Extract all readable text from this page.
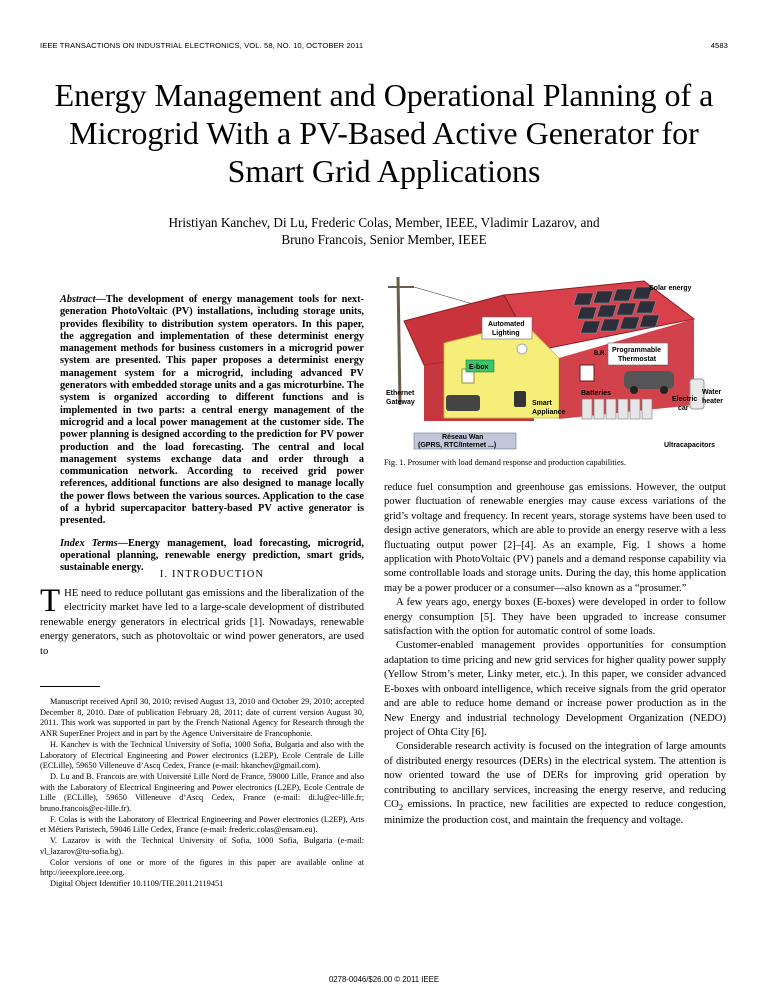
IEEE TRANSACTIONS ON INDUSTRIAL ELECTRONICS, VOL. 58, NO. 10, OCTOBER 2011	4583
Energy Management and Operational Planning of a Microgrid With a PV-Based Active Generator for Smart Grid Applications
Hristiyan Kanchev, Di Lu, Frederic Colas, Member, IEEE, Vladimir Lazarov, and
Bruno Francois, Senior Member, IEEE
Abstract—The development of energy management tools for next-generation PhotoVoltaic (PV) installations, including storage units, provides flexibility to distribution system operators. In this paper, the aggregation and implementation of these determinist energy management methods for business customers in a microgrid power system are presented. This paper proposes a determinist energy management system for a microgrid, including advanced PV generators with embedded storage units and a gas microturbine. The system is organized according to different functions and is implemented in two parts: a central energy management of the microgrid and a local power management at the customer side. The power planning is designed according to the prediction for PV power production and the load forecasting. The central and local management systems exchange data and order through a communication network. According to received grid power references, additional functions are also designed to manage locally the power flows between the various sources. Application to the case of a hybrid supercapacitor battery-based PV active generator is presented.
Index Terms—Energy management, load forecasting, microgrid, operational planning, renewable energy prediction, smart grids, sustainable energy.
I. INTRODUCTION
THE need to reduce pollutant gas emissions and the liberalization of the electricity market have led to a large-scale development of distributed renewable energy generators in electrical grids [1]. Nowadays, renewable energy generators, such as photovoltaic or wind power generators, are used to

Manuscript received April 30, 2010; revised August 13, 2010 and October 29, 2010; accepted December 8, 2010. Date of publication February 28, 2011; date of current version August 30, 2011. This work was supported in part by the French National Agency for Research through the ANR SuperEner Project and in part by the Agence Universitaire de Francophonie.

H. Kanchev is with the Technical University of Sofia, 1000 Sofia, Bulgaria and also with the Laboratory of Electrical Engineering and Power electronics (L2EP), Ecole Centrale de Lille (ECLille), 59650 Villeneuve d’Ascq Cedex, France (e-mail: hkanchev@gmail.com).

D. Lu and B. Francois are with Université Lille Nord de France, 59000 Lille, France and also with the Laboratory of Electrical Engineering and Power electronics (L2EP), Ecole Centrale de Lille (ECLille), 59650 Villeneuve d’Ascq Cedex, France (e-mail: di.lu@ec-lille.fr; bruno.francois@ec-lille.fr).

F. Colas is with the Laboratory of Electrical Engineering and Power electronics (L2EP), Arts et Métiers Paristech, 59046 Lille Cedex, France (e-mail: frederic.colas@ensam.eu).

V. Lazarov is with the Technical University of Sofia, 1000 Sofia, Bulgaria (e-mail: vl_lazarov@tu-sofia.bg).

Color versions of one or more of the figures in this paper are available online at http://ieeexplore.ieee.org.

Digital Object Identifier 10.1109/TIE.2011.2119451

Solar energy
Automated
Lighting
Programmable
Thermostat
B.R.
E-box
Ethernet
Gateway	Smart
Appliance
Batteries
Electric
car
Water
heater
Réseau Wan
(GPRS, RTC/Internet ...)	Ultracapacitors
Fig. 1. Prosumer with load demand response and production capabilities.

reduce fuel consumption and greenhouse gas emissions. However, the output power fluctuation of renewable energies may cause excess variations of the grid’s voltage and frequency. In recent years, storage systems have been used to design active generators, which are able to provide an energy reserve with a less fluctuating output power [2]–[4]. As an example, Fig. 1 shows a home application with PhotoVoltaic (PV) panels and a demand response capability via some controllable loads and storage units. During the day, this home application may be a power producer or a consumer—also known as a “prosumer.”

A few years ago, energy boxes (E-boxes) were developed in order to follow energy consumption [5]. They have been upgraded to increase consumer satisfaction with the option for automatic control of some loads.

Customer-enabled management provides opportunities for consumption adaptation to time pricing and new grid services for higher quality power supply (Yellow Strom’s meter, Linky meter, etc.). In this paper, we consider advanced E-boxes with onboard intelligence, which receive signals from the grid operator and are able to reduce home demand or increase power production as in the New Energy and industrial technology Development Organization (NEDO) project of Ohta City [6].

Considerable research activity is focused on the integration of large amounts of distributed energy resources (DERs) in the electrical system. The attention is now oriented toward the use of DERs for improving grid operation by contributing to ancillary services, increasing the energy reserve, and reducing $CO_2$ emissions. In practice, new facilities are expected to reduce congestion, minimize the production cost, and maintain the frequency and voltage.

0278-0046/$26.00 © 2011 IEEE
